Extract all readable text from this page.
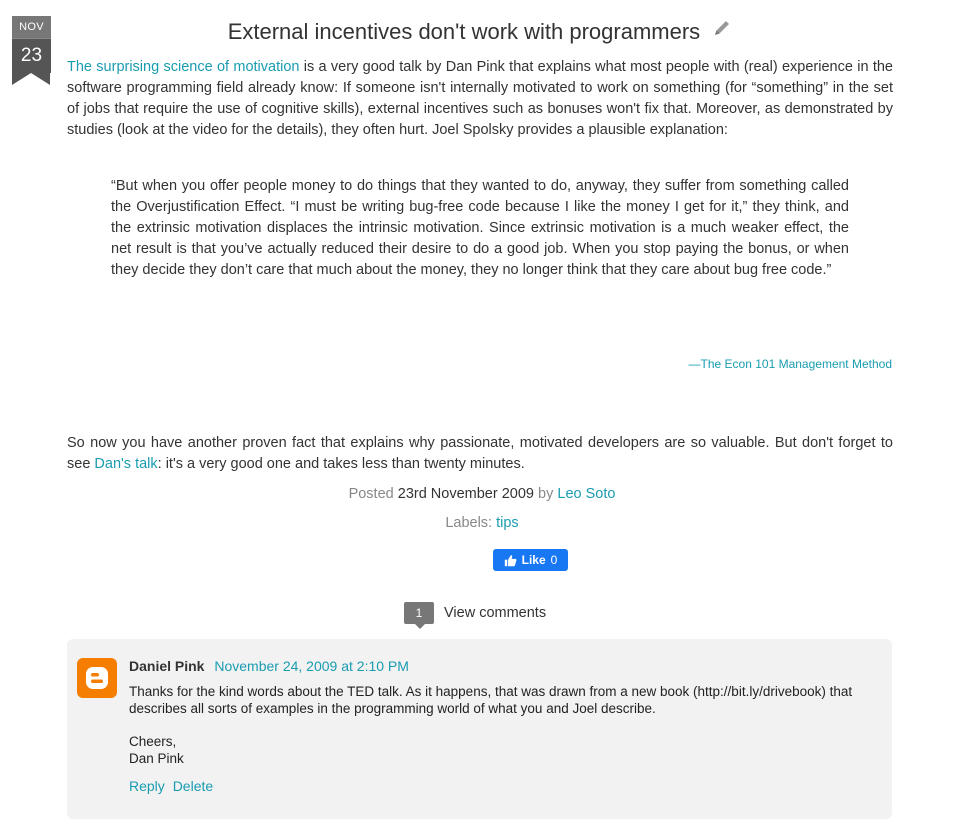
NOV
23
External incentives don't work with programmers

The surprising science of motivation is a very good talk by Dan Pink that explains what most people with (real) experience in the software programming field already know: If someone isn't internally motivated to work on something (for “something” in the set of jobs that require the use of cognitive skills), external incentives such as bonuses won't fix that. Moreover, as demonstrated by studies (look at the video for the details), they often hurt. Joel Spolsky provides a plausible explanation:

“But when you offer people money to do things that they wanted to do, anyway, they suffer from something called the Overjustification Effect. “I must be writing bug-free code because I like the money I get for it,” they think, and the extrinsic motivation displaces the intrinsic motivation. Since extrinsic motivation is a much weaker effect, the net result is that you’ve actually reduced their desire to do a good job. When you stop paying the bonus, or when they decide they don’t care that much about the money, they no longer think that they care about bug free code.”

—The Econ 101 Management Method

So now you have another proven fact that explains why passionate, motivated developers are so valuable. But don't forget to see Dan's talk: it's a very good one and takes less than twenty minutes.

Posted 23rd November 2009 by Leo Soto
Labels: tips
Like 0
1	View comments
Daniel Pink November 24, 2009 at 2:10 PM

Thanks for the kind words about the TED talk. As it happens, that was drawn from a new book (http://bit.ly/drivebook) that describes all sorts of examples in the programming world of what you and Joel describe.

Cheers,

Dan Pink

Reply Delete
